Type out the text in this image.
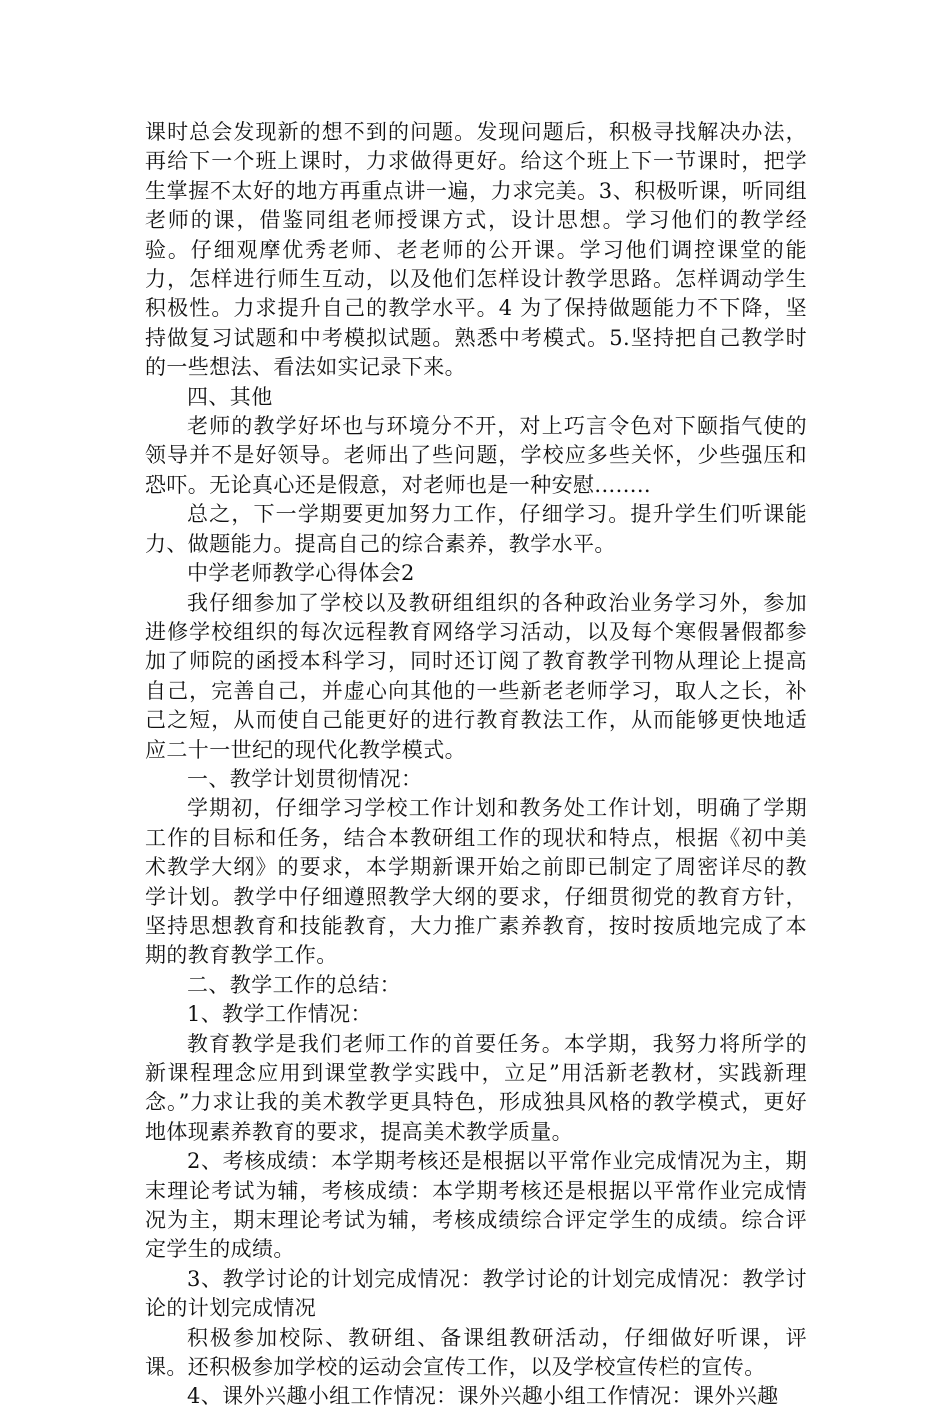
课时总会发现新的想不到的问题。发现问题后，积极寻找解决办法，再给下一个班上课时，力求做得更好。给这个班上下一节课时，把学生掌握不太好的地方再重点讲一遍，力求完美。3、积极听课，听同组老师的课，借鉴同组老师授课方式，设计思想。学习他们的教学经验。仔细观摩优秀老师、老老师的公开课。学习他们调控课堂的能力，怎样进行师生互动，以及他们怎样设计教学思路。怎样调动学生积极性。力求提升自己的教学水平。4 为了保持做题能力不下降，坚持做复习试题和中考模拟试题。熟悉中考模式。5.坚持把自己教学时的一些想法、看法如实记录下来。

四、其他

老师的教学好坏也与环境分不开，对上巧言令色对下颐指气使的领导并不是好领导。老师出了些问题，学校应多些关怀，少些强压和恐吓。无论真心还是假意，对老师也是一种安慰........

总之，下一学期要更加努力工作，仔细学习。提升学生们听课能力、做题能力。提高自己的综合素养，教学水平。

中学老师教学心得体会2

我仔细参加了学校以及教研组组织的各种政治业务学习外，参加进修学校组织的每次远程教育网络学习活动，以及每个寒假暑假都参加了师院的函授本科学习，同时还订阅了教育教学刊物从理论上提高自己，完善自己，并虚心向其他的一些新老老师学习，取人之长，补己之短，从而使自己能更好的进行教育教法工作，从而能够更快地适应二十一世纪的现代化教学模式。

一、教学计划贯彻情况：

学期初，仔细学习学校工作计划和教务处工作计划，明确了学期工作的目标和任务，结合本教研组工作的现状和特点，根据《初中美术教学大纲》的要求，本学期新课开始之前即已制定了周密详尽的教学计划。教学中仔细遵照教学大纲的要求，仔细贯彻党的教育方针，坚持思想教育和技能教育，大力推广素养教育，按时按质地完成了本期的教育教学工作。

二、教学工作的总结：

1、教学工作情况：

教育教学是我们老师工作的首要任务。本学期，我努力将所学的新课程理念应用到课堂教学实践中，立足”用活新老教材，实践新理念。”力求让我的美术教学更具特色，形成独具风格的教学模式，更好地体现素养教育的要求，提高美术教学质量。

2、考核成绩：本学期考核还是根据以平常作业完成情况为主，期末理论考试为辅，考核成绩：本学期考核还是根据以平常作业完成情况为主，期末理论考试为辅，考核成绩综合评定学生的成绩。综合评定学生的成绩。

3、教学讨论的计划完成情况：教学讨论的计划完成情况：教学讨论的计划完成情况

积极参加校际、教研组、备课组教研活动，仔细做好听课，评课。还积极参加学校的运动会宣传工作，以及学校宣传栏的宣传。

4、课外兴趣小组工作情况：课外兴趣小组工作情况：课外兴趣
